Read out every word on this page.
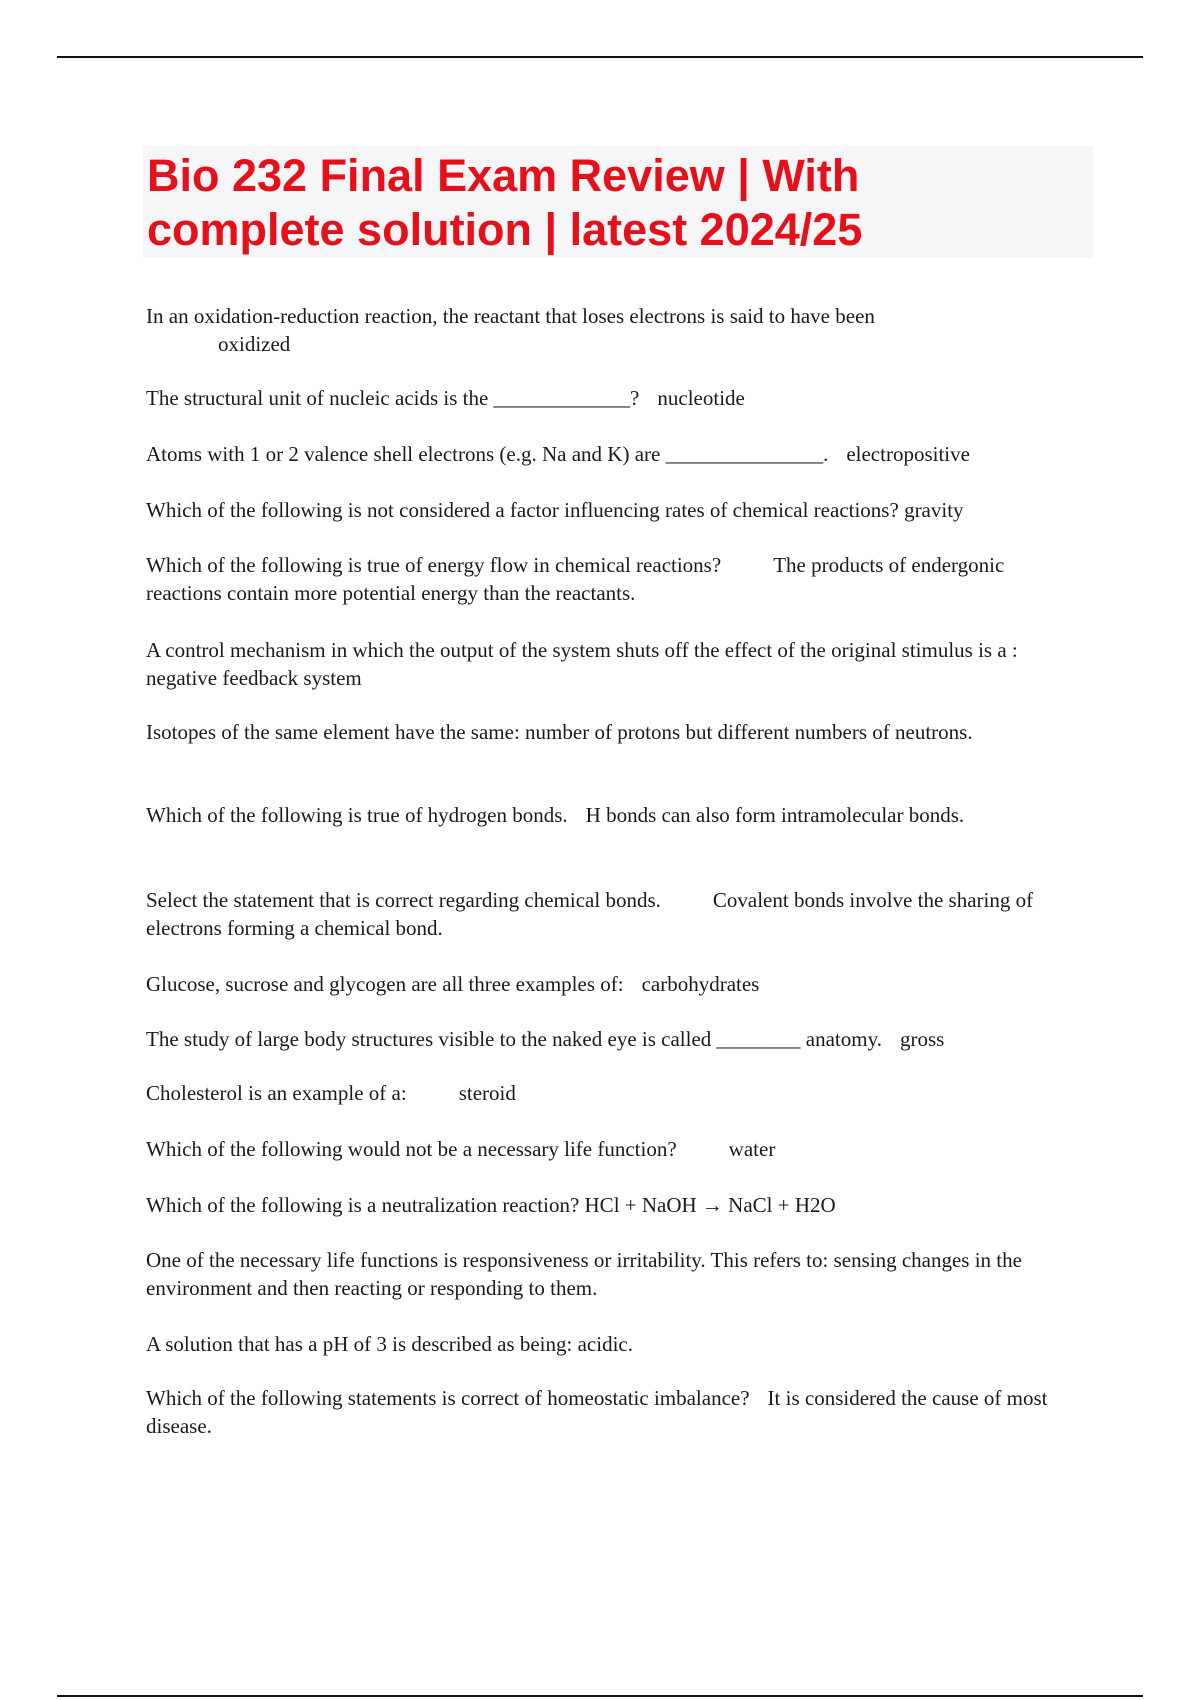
Bio 232 Final Exam Review | With complete solution | latest 2024/25
In an oxidation-reduction reaction, the reactant that loses electrons is said to have been
oxidized
The structural unit of nucleic acids is the _____________? nucleotide
Atoms with 1 or 2 valence shell electrons (e.g. Na and K) are _______________. electropositive
Which of the following is not considered a factor influencing rates of chemical reactions? gravity
Which of the following is true of energy flow in chemical reactions? The products of endergonic reactions contain more potential energy than the reactants.
A control mechanism in which the output of the system shuts off the effect of the original stimulus is a : negative feedback system
Isotopes of the same element have the same: number of protons but different numbers of neutrons.
Which of the following is true of hydrogen bonds. H bonds can also form intramolecular bonds.
Select the statement that is correct regarding chemical bonds. Covalent bonds involve the sharing of electrons forming a chemical bond.
Glucose, sucrose and glycogen are all three examples of: carbohydrates
The study of large body structures visible to the naked eye is called ________ anatomy. gross
Cholesterol is an example of a: steroid
Which of the following would not be a necessary life function? water
Which of the following is a neutralization reaction? HCl + NaOH → NaCl + H2O
One of the necessary life functions is responsiveness or irritability. This refers to: sensing changes in the environment and then reacting or responding to them.
A solution that has a pH of 3 is described as being: acidic.
Which of the following statements is correct of homeostatic imbalance? It is considered the cause of most disease.
